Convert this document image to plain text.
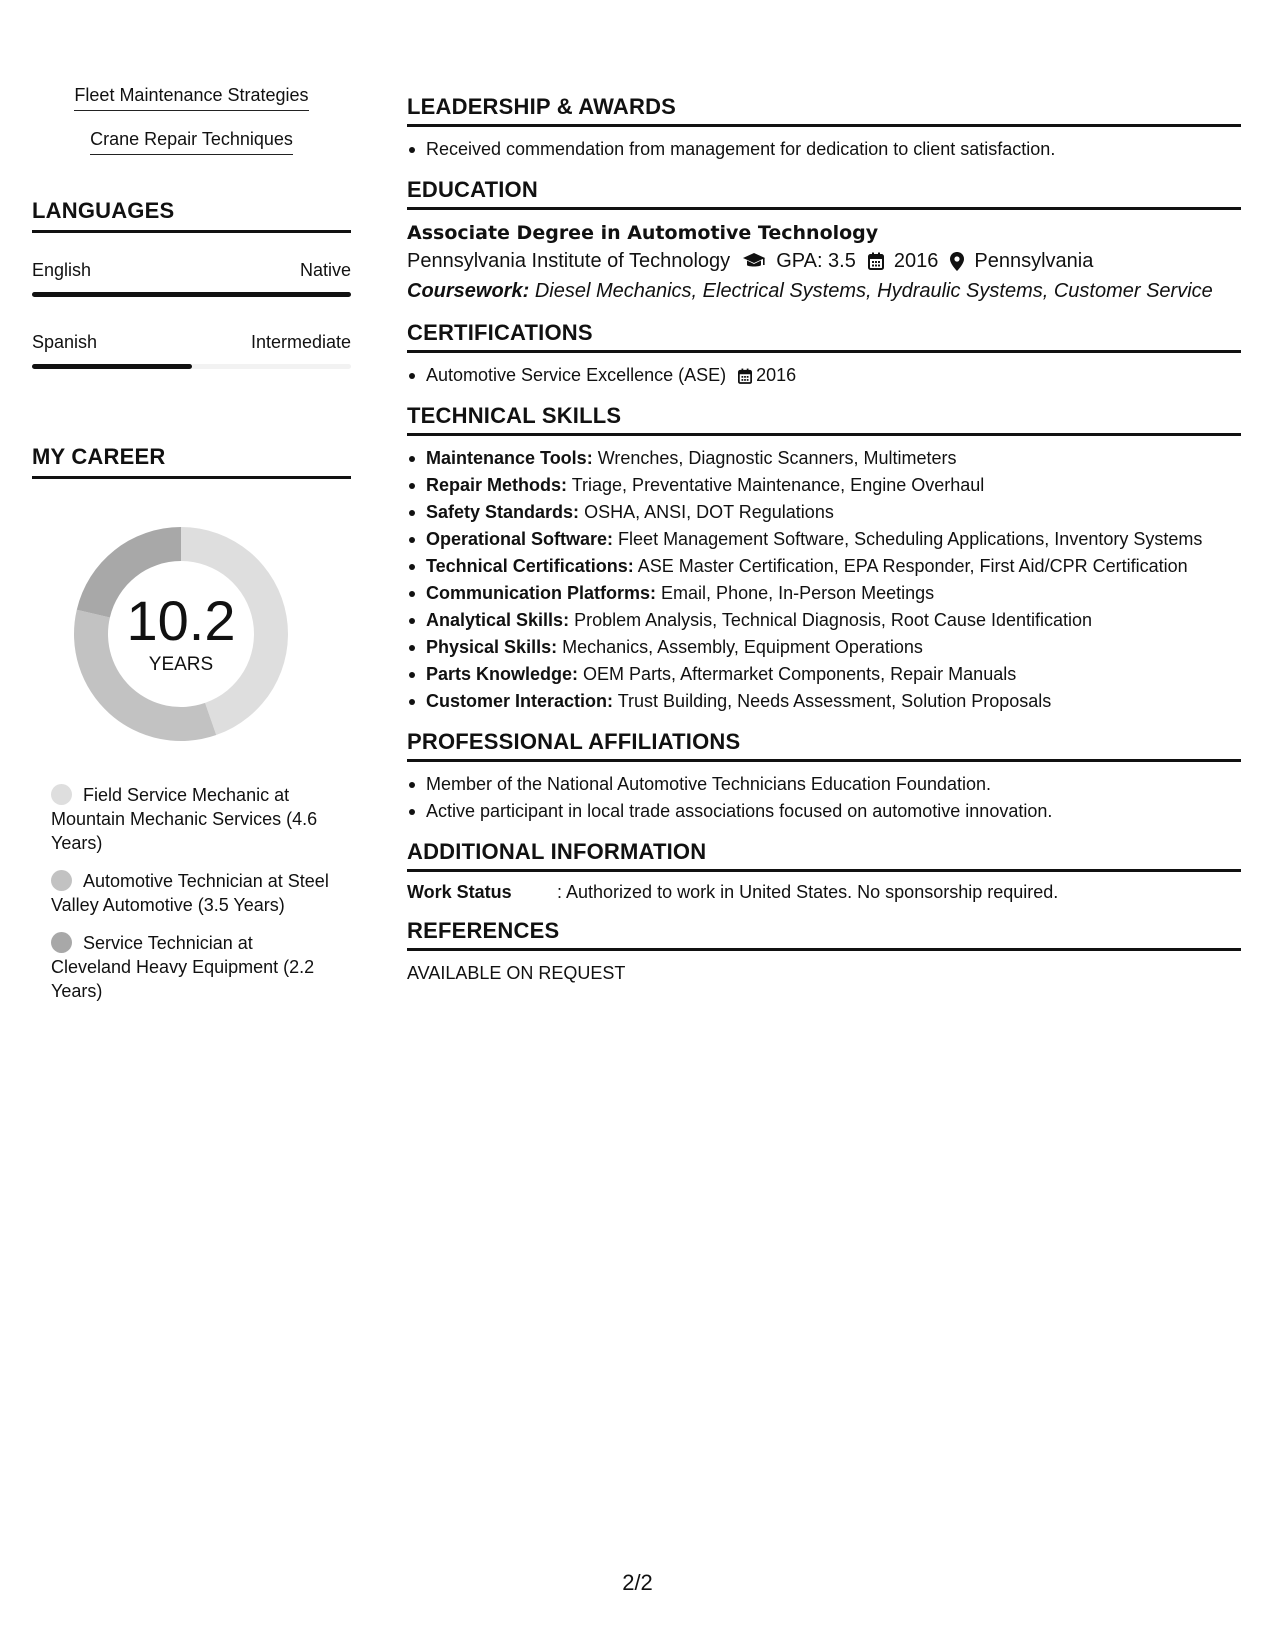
Fleet Maintenance Strategies
Crane Repair Techniques
LANGUAGES
English	Native
Spanish	Intermediate
MY CAREER
10.2
YEARS
Field Service Mechanic at Mountain Mechanic Services (4.6 Years)
Automotive Technician at Steel Valley Automotive (3.5 Years)
Service Technician at Cleveland Heavy Equipment (2.2 Years)
LEADERSHIP & AWARDS
Received commendation from management for dedication to client satisfaction.
EDUCATION
Associate Degree in Automotive Technology
Pennsylvania Institute of Technology GPA: 3.5 2016 Pennsylvania
Coursework: Diesel Mechanics, Electrical Systems, Hydraulic Systems, Customer Service
CERTIFICATIONS
Automotive Service Excellence (ASE) 2016
TECHNICAL SKILLS
Maintenance Tools: Wrenches, Diagnostic Scanners, Multimeters
Repair Methods: Triage, Preventative Maintenance, Engine Overhaul
Safety Standards: OSHA, ANSI, DOT Regulations
Operational Software: Fleet Management Software, Scheduling Applications, Inventory Systems
Technical Certifications: ASE Master Certification, EPA Responder, First Aid/CPR Certification
Communication Platforms: Email, Phone, In-Person Meetings
Analytical Skills: Problem Analysis, Technical Diagnosis, Root Cause Identification
Physical Skills: Mechanics, Assembly, Equipment Operations
Parts Knowledge: OEM Parts, Aftermarket Components, Repair Manuals
Customer Interaction: Trust Building, Needs Assessment, Solution Proposals
PROFESSIONAL AFFILIATIONS
Member of the National Automotive Technicians Education Foundation.
Active participant in local trade associations focused on automotive innovation.
ADDITIONAL INFORMATION
Work Status	: Authorized to work in United States. No sponsorship required.
REFERENCES
AVAILABLE ON REQUEST
2/2
